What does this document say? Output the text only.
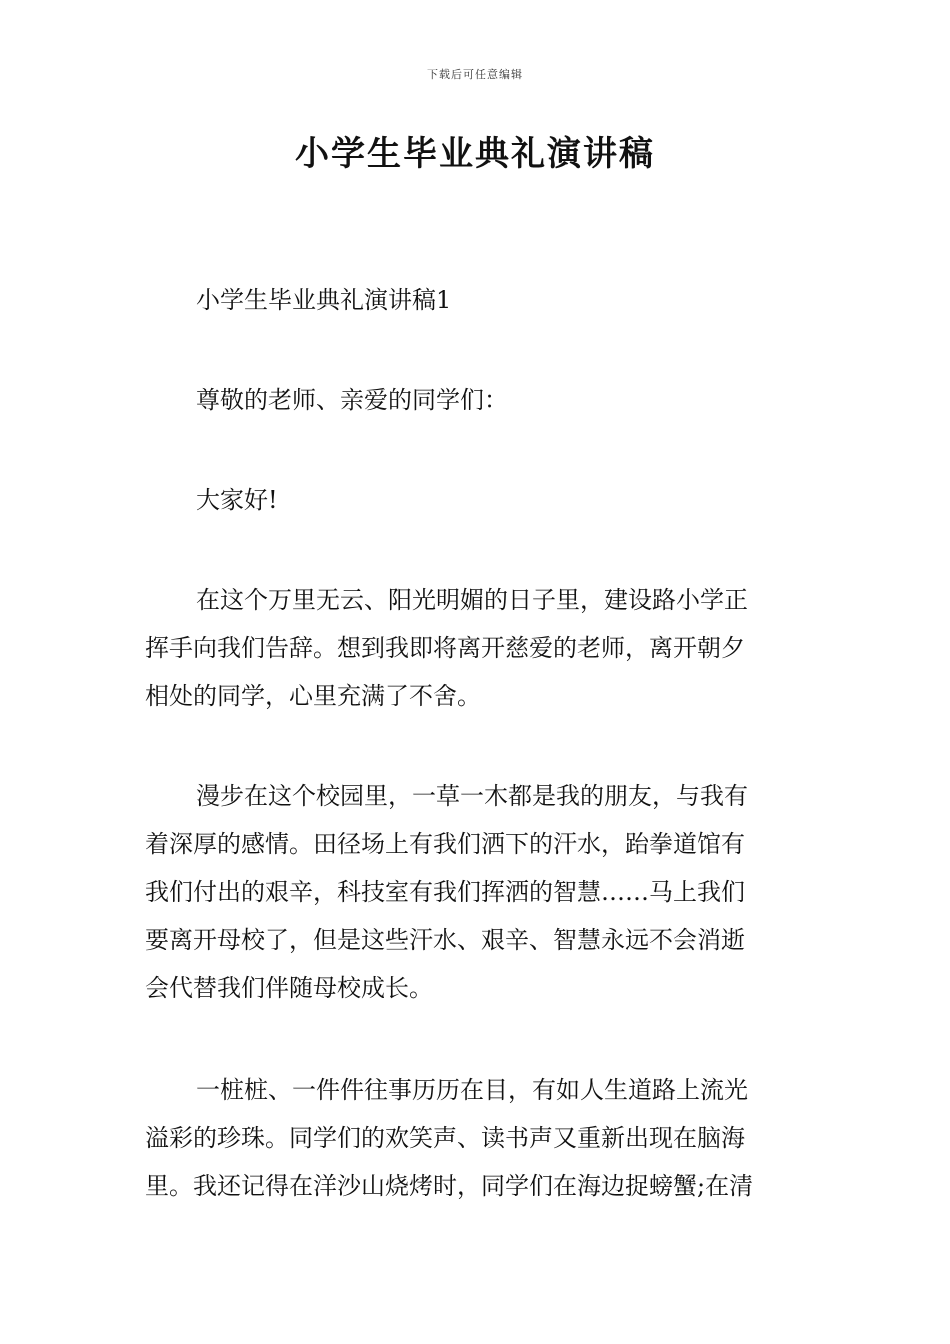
下载后可任意编辑
小学生毕业典礼演讲稿

小学生毕业典礼演讲稿1

尊敬的老师、亲爱的同学们：

大家好!

在这个万里无云、阳光明媚的日子里，建设路小学正

挥手向我们告辞。想到我即将离开慈爱的老师，离开朝夕

相处的同学，心里充满了不舍。

漫步在这个校园里，一草一木都是我的朋友，与我有

着深厚的感情。田径场上有我们洒下的汗水，跆拳道馆有

我们付出的艰辛，科技室有我们挥洒的智慧……马上我们

要离开母校了，但是这些汗水、艰辛、智慧永远不会消逝

会代替我们伴随母校成长。

一桩桩、一件件往事历历在目，有如人生道路上流光

溢彩的珍珠。同学们的欢笑声、读书声又重新出现在脑海

里。我还记得在洋沙山烧烤时，同学们在海边捉螃蟹;在清
